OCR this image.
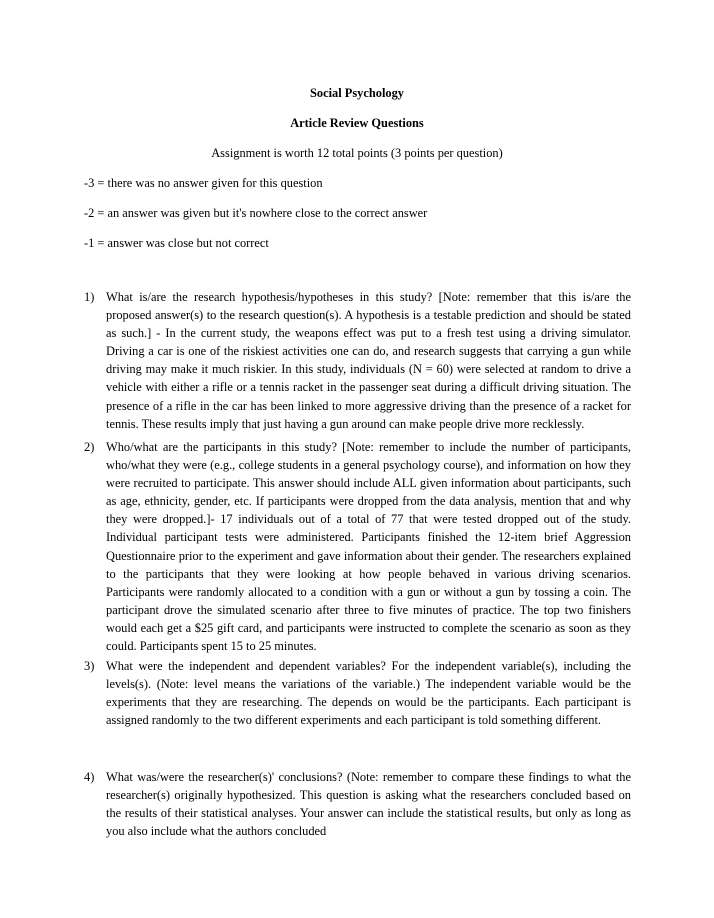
Social Psychology
Article Review Questions
Assignment is worth 12 total points (3 points per question)
-3 = there was no answer given for this question
-2 = an answer was given but it's nowhere close to the correct answer
-1 = answer was close but not correct
1) What is/are the research hypothesis/hypotheses in this study? [Note: remember that this is/are the proposed answer(s) to the research question(s). A hypothesis is a testable prediction and should be stated as such.] - In the current study, the weapons effect was put to a fresh test using a driving simulator. Driving a car is one of the riskiest activities one can do, and research suggests that carrying a gun while driving may make it much riskier. In this study, individuals (N = 60) were selected at random to drive a vehicle with either a rifle or a tennis racket in the passenger seat during a difficult driving situation. The presence of a rifle in the car has been linked to more aggressive driving than the presence of a racket for tennis. These results imply that just having a gun around can make people drive more recklessly.
2) Who/what are the participants in this study? [Note: remember to include the number of participants, who/what they were (e.g., college students in a general psychology course), and information on how they were recruited to participate. This answer should include ALL given information about participants, such as age, ethnicity, gender, etc. If participants were dropped from the data analysis, mention that and why they were dropped.]- 17 individuals out of a total of 77 that were tested dropped out of the study. Individual participant tests were administered. Participants finished the 12-item brief Aggression Questionnaire prior to the experiment and gave information about their gender. The researchers explained to the participants that they were looking at how people behaved in various driving scenarios. Participants were randomly allocated to a condition with a gun or without a gun by tossing a coin. The participant drove the simulated scenario after three to five minutes of practice. The top two finishers would each get a $25 gift card, and participants were instructed to complete the scenario as soon as they could. Participants spent 15 to 25 minutes.
3) What were the independent and dependent variables? For the independent variable(s), including the levels(s). (Note: level means the variations of the variable.) The independent variable would be the experiments that they are researching. The depends on would be the participants. Each participant is assigned randomly to the two different experiments and each participant is told something different.
4) What was/were the researcher(s)' conclusions? (Note: remember to compare these findings to what the researcher(s) originally hypothesized. This question is asking what the researchers concluded based on the results of their statistical analyses. Your answer can include the statistical results, but only as long as you also include what the authors concluded
